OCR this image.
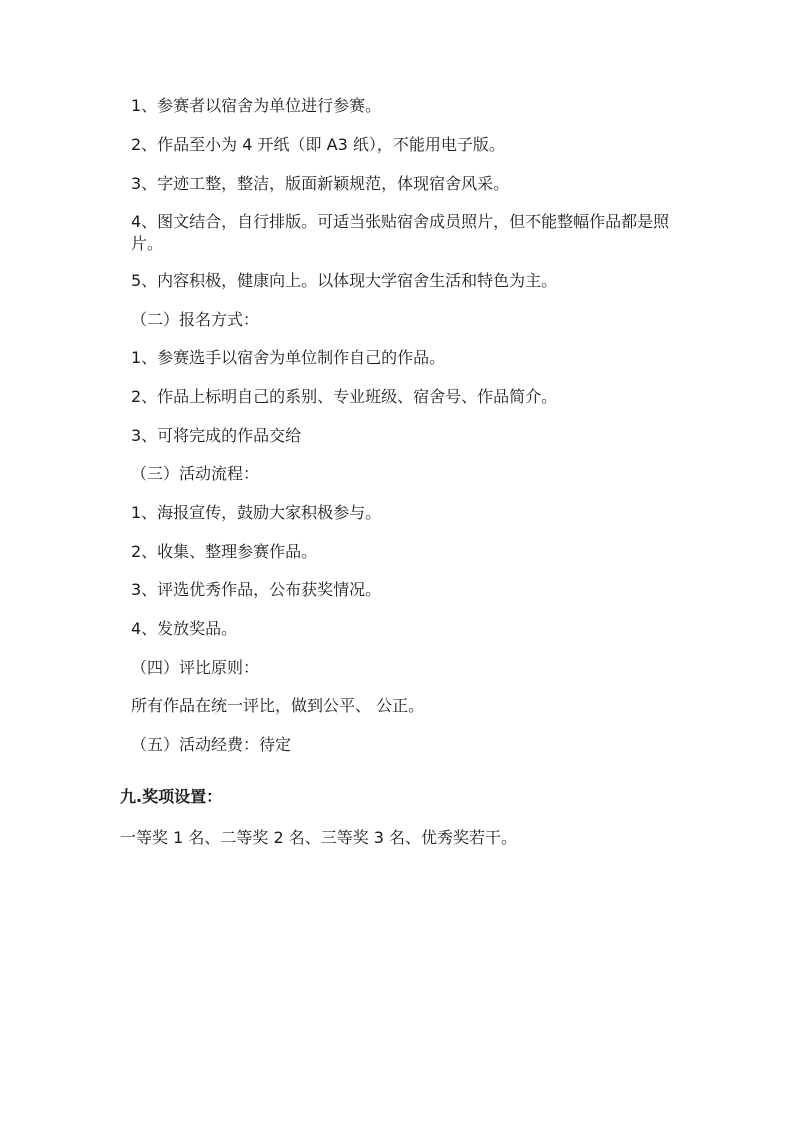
1、参赛者以宿舍为单位进行参赛。
2、作品至小为 4 开纸（即 A3 纸），不能用电子版。
3、字迹工整，整洁，版面新颖规范，体现宿舍风采。
4、图文结合，自行排版。可适当张贴宿舍成员照片，但不能整幅作品都是照片。
5、内容积极，健康向上。以体现大学宿舍生活和特色为主。
（二）报名方式：
1、参赛选手以宿舍为单位制作自己的作品。
2、作品上标明自己的系别、专业班级、宿舍号、作品简介。
3、可将完成的作品交给
（三）活动流程：
1、海报宣传，鼓励大家积极参与。
2、收集、整理参赛作品。
3、评选优秀作品，公布获奖情况。
4、发放奖品。
（四）评比原则：
所有作品在统一评比，做到公平、 公正。
（五）活动经费：待定
九.奖项设置：
一等奖 1 名、二等奖 2 名、三等奖 3 名、优秀奖若干。
